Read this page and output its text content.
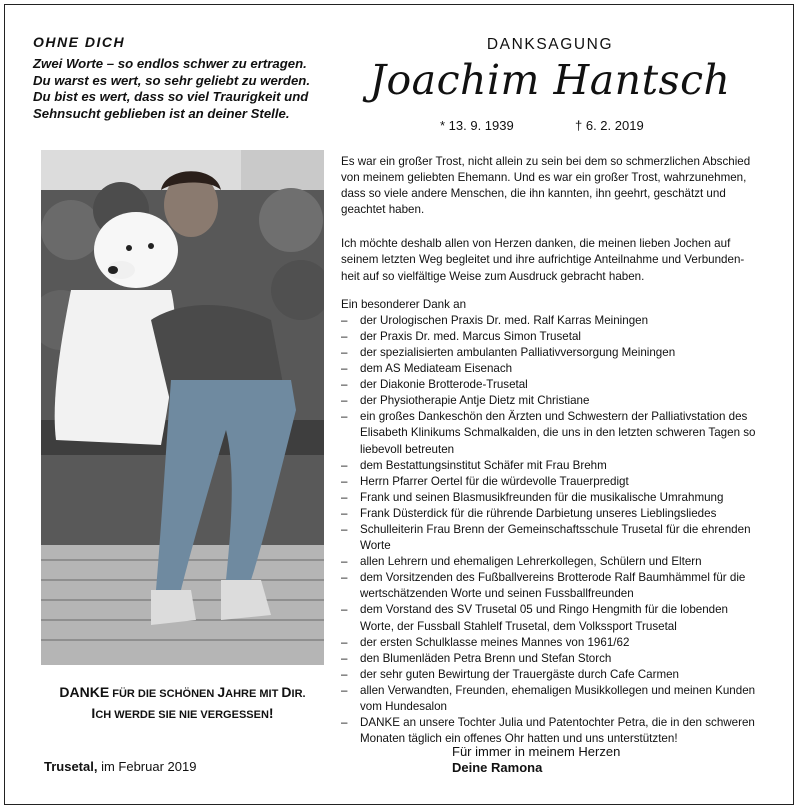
OHNE DICH
Zwei Worte – so endlos schwer zu ertragen.
Du warst es wert, so sehr geliebt zu werden.
Du bist es wert, dass so viel Traurigkeit und
Sehnsucht geblieben ist an deiner Stelle.
DANKSAGUNG
Joachim Hantsch
* 13. 9. 1939	† 6. 2. 2019
DANKE FÜR DIE SCHÖNEN JAHRE MIT DIR.
ICH WERDE SIE NIE VERGESSEN!
Trusetal, im Februar 2019

Es war ein großer Trost, nicht allein zu sein bei dem so schmerzlichen Abschied
von meinem geliebten Ehemann. Und es war ein großer Trost, wahrzunehmen,
dass so viele andere Menschen, die ihn kannten, ihn geehrt, geschätzt und
geachtet haben.

Ich möchte deshalb allen von Herzen danken, die meinen lieben Jochen auf
seinem letzten Weg begleitet und ihre aufrichtige Anteilnahme und Verbunden-
heit auf so vielfältige Weise zum Ausdruck gebracht haben.

Ein besonderer Dank an
– der Urologischen Praxis Dr. med. Ralf Karras Meiningen
– der Praxis Dr. med. Marcus Simon Trusetal
– der spezialisierten ambulanten Palliativversorgung Meiningen
– dem AS Mediateam Eisenach
– der Diakonie Brotterode-Trusetal
– der Physiotherapie Antje Dietz mit Christiane
– ein großes Dankeschön den Ärzten und Schwestern der Palliativstation des
Elisabeth Klinikums Schmalkalden, die uns in den letzten schweren Tagen so
liebevoll betreuten
– dem Bestattungsinstitut Schäfer mit Frau Brehm
– Herrn Pfarrer Oertel für die würdevolle Trauerpredigt
– Frank und seinen Blasmusikfreunden für die musikalische Umrahmung
– Frank Düsterdick für die rührende Darbietung unseres Lieblingsliedes
– Schulleiterin Frau Brenn der Gemeinschaftsschule Trusetal für die ehrenden
Worte
– allen Lehrern und ehemaligen Lehrerkollegen, Schülern und Eltern
– dem Vorsitzenden des Fußballvereins Brotterode Ralf Baumhämmel für die
wertschätzenden Worte und seinen Fussballfreunden
– dem Vorstand des SV Trusetal 05 und Ringo Hengmith für die lobenden
Worte, der Fussball Stahlelf Trusetal, dem Volkssport Trusetal
– der ersten Schulklasse meines Mannes von 1961/62
– den Blumenläden Petra Brenn und Stefan Storch
– der sehr guten Bewirtung der Trauergäste durch Cafe Carmen
– allen Verwandten, Freunden, ehemaligen Musikkollegen und meinen Kunden
vom Hundesalon
– DANKE an unsere Tochter Julia und Patentochter Petra, die in den schweren
Monaten täglich ein offenes Ohr hatten und uns unterstützten!
Für immer in meinem Herzen
Deine Ramona
